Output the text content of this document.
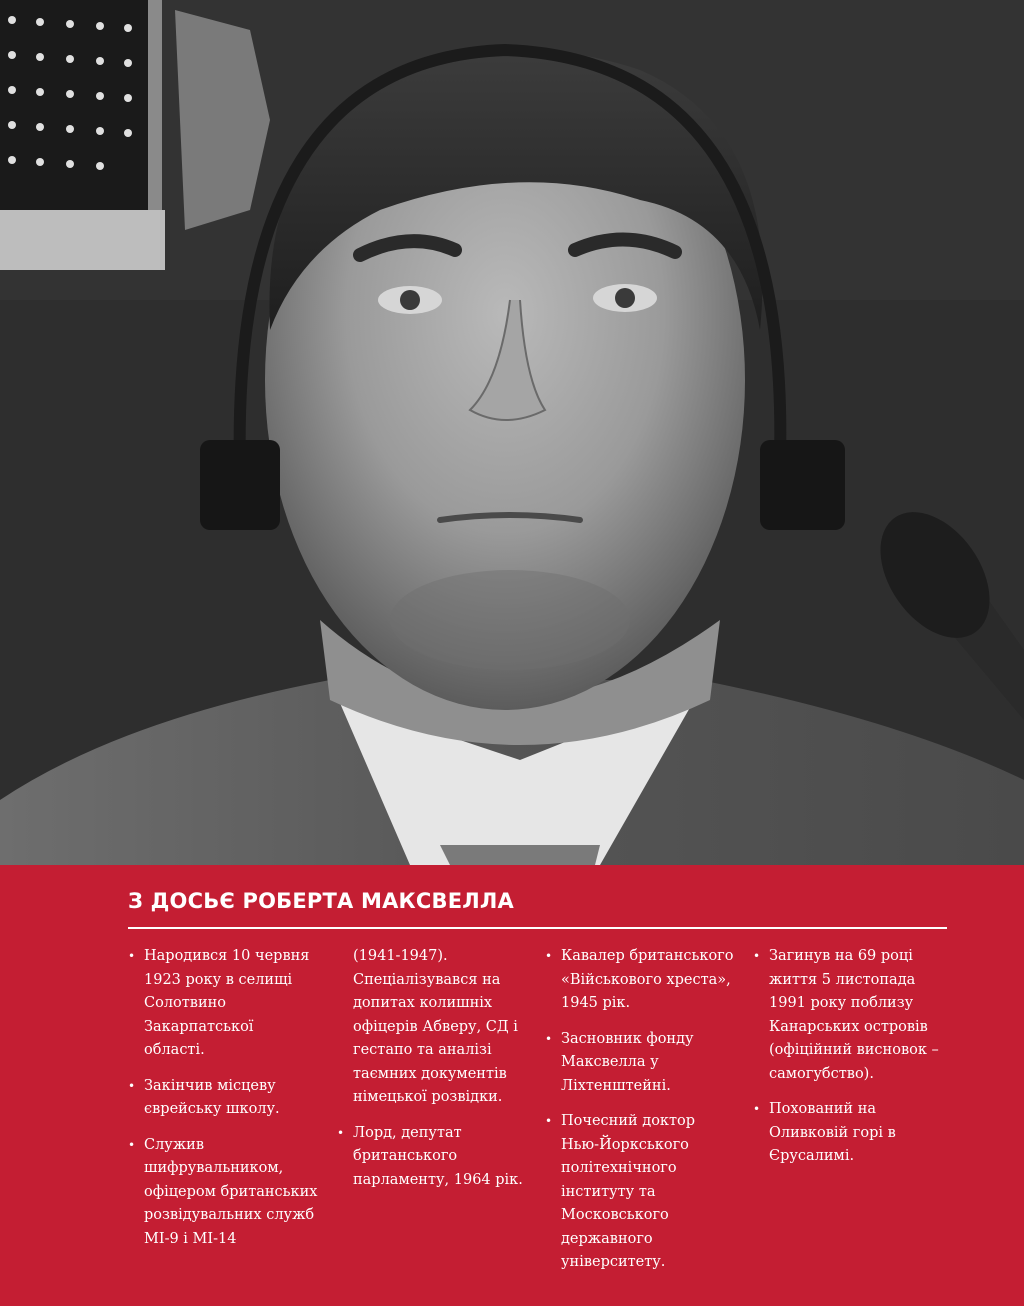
З ДОСЬЄ РОБЕРТА МАКСВЕЛЛА
• Народився 10 червня 1923 року в селищі Солотвино Закарпатської області.
• Закінчив місцеву єврейську школу.
• Служив шифрувальником, офіцером британських розвідувальних служб MI-9 і MI-14
(1941-1947). Спеціалізувався на допитах колишніх офіцерів Абверу, СД і гестапо та аналізі таємних документів німецької розвідки.
• Лорд, депутат британського парламенту, 1964 рік.
• Кавалер британського «Військового хреста», 1945 рік.
• Засновник фонду Максвелла у Ліхтенштейні.
• Почесний доктор Нью-Йоркського політехнічного інституту та Московського державного університету.
• Загинув на 69 році життя 5 листопада 1991 року поблизу Канарських островів (офіційний висновок – самогубство).
• Похований на Оливковій горі в Єрусалимі.
